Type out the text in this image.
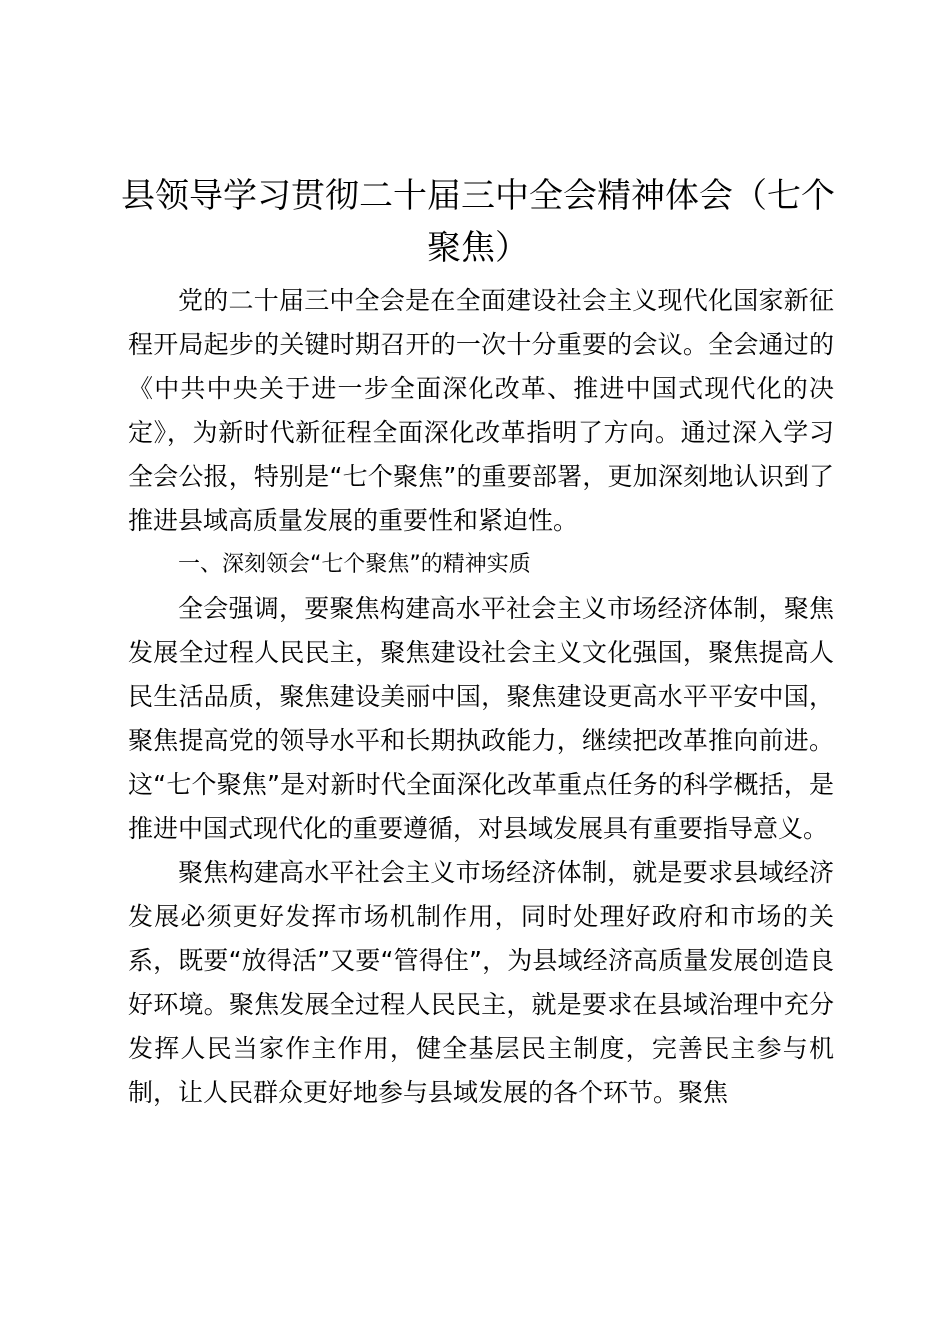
县领导学习贯彻二十届三中全会精神体会（七个聚焦）

党的二十届三中全会是在全面建设社会主义现代化国家新征程开局起步的关键时期召开的一次十分重要的会议。全会通过的《中共中央关于进一步全面深化改革、推进中国式现代化的决定》，为新时代新征程全面深化改革指明了方向。通过深入学习全会公报，特别是“七个聚焦”的重要部署，更加深刻地认识到了推进县域高质量发展的重要性和紧迫性。

一、深刻领会“七个聚焦”的精神实质

全会强调，要聚焦构建高水平社会主义市场经济体制，聚焦发展全过程人民民主，聚焦建设社会主义文化强国，聚焦提高人民生活品质，聚焦建设美丽中国，聚焦建设更高水平平安中国，聚焦提高党的领导水平和长期执政能力，继续把改革推向前进。这“七个聚焦”是对新时代全面深化改革重点任务的科学概括，是推进中国式现代化的重要遵循，对县域发展具有重要指导意义。

聚焦构建高水平社会主义市场经济体制，就是要求县域经济发展必须更好发挥市场机制作用，同时处理好政府和市场的关系，既要“放得活”又要“管得住”，为县域经济高质量发展创造良好环境。聚焦发展全过程人民民主，就是要求在县域治理中充分发挥人民当家作主作用，健全基层民主制度，完善民主参与机制，让人民群众更好地参与县域发展的各个环节。聚焦
